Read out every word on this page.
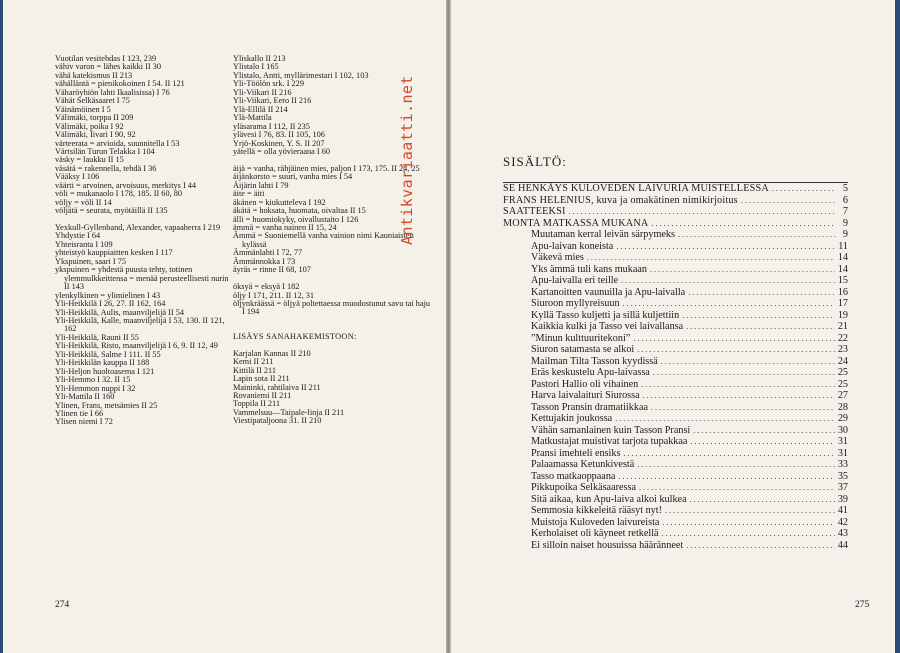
Vuotilan vesitehdas I 123, 239
vähiv varon = lähes kaikki II 30
vähä katekismus II 213
vähälläntä = pienikokoinen I 54. II 121
Väharöyhiön lahti Ikaalisissa) I 76
Vähät Selkäsaaret I 75
Väinämöinen I 5
Välimäki, torppa II 209
Välimäki, poika I 92
Välimäki, Iivari I 90, 92
värteerata = arvioida, suunnitella I 53
Värtsilän Turun Telakka I 104
väsky = laukku II 15
väsätä = rakennella, tehdä I 36
Vääksy I 106
väärti = arvoinen, arvoisuus, merkitys I 44
völi = mukanaolo I 178, 185. II 60, 80
völjy = völi II 14
völjätä = seurata, myötäillä II 135
Yexkull-Gyllenband, Alexander, vapaaherra I 219
Yhdystie I 64
Yhteisranta I 109
yhteistyö kauppiaitten kesken I 117
Ykspuinen, saari I 75
ykspuinen = yhdestä puusta tehty, totinen ylemmulkkeittensa = menää perusteellisesti nurin II 143
ylenkylkinen = ylimielinen I 43
Yli-Heikkilä I 26, 27. II 162, 164
Yli-Heikkilä, Aulis, maanviljelijä II 54
Yli-Heikkilä, Kalle, maanviljelijä I 53, 130. II 121, 162
Yli-Heikkilä, Rauni II 55
Yli-Heikkilä, Risto, maanviljelijä I 6, 9. II 12, 49
Yli-Heikkilä, Salme I 111. II 55
Yli-Heikkilän kauppa II 188
Yli-Heljon huoltoasema I 121
Yli-Hemmo I 32. II 15
Yli-Hemmon nuppi I 32
Yli-Mattila II 160
Ylinen, Frans, metsämies II 25
Ylinen tie I 66
Ylisen niemi I 72
Yliskallo II 213
Ylistalo I 165
Ylistalo, Antti, myllärimestari I 102, 103
Yli-Töölön srk. I 229
Yli-Viikari II 216
Yli-Viikari, Eero II 216
Ylä-Ellilä II 214
Ylä-Mattila
yläsarama I 112, II 235
ylävesi I 76, 83. II 105, 106
Yrjö-Koskinen, Y. S. II 207
yätellä = olla yövieraana I 60
äijä = vanha, rähjäinen mies, paljon I 173, 175. II 24, 25
äijänkorsto = suuri, vanha mies I 54
Äijärin lahti I 79
äite = äiti
äkänen = kiukutteleva I 192
äkätä = hoksata, huomata, oivaltaa II 15
älli = huomiokyky, oivallustaito I 126
ämmä = vanha nainen II 15, 24
Ämmä = Suoniemellä vanha vainion nimi Kauniaisten kylässä
Ämmänlahti I 72, 77
Ämmännokka I 73
äyräs = rinne II 68, 107
öksyä = eksyä I 182
öljy I 171, 211. II 12, 31
öljynkräässä = öljyä poltettaessa muodostunut savu tai haju I 194
LISÄYS SANAHAKEMISTOON:
Karjalan Kannas II 210
Kemi II 211
Kittilä II 211
Lapin sota II 211
Maininki, rahtilaiva II 211
Rovaniemi II 211
Toppila II 211
Vammelsuu—Taipale-linja II 211
Viestipataljoona 31. II 210
Antikvariaatti.net
274
SISÄLTÖ:
SE HENKÄYS KULOVEDEN LAIVURIA MUISTELLESSA .....	5
FRANS HELENIUS, kuva ja omakätinen nimikirjoitus .....	6
SAATTEEKSI .....	7
MONTA MATKASSA MUKANA .....	9
Muutaman kerral leivän särpymeks .....	9
Apu-laivan koneista .....	11
Väkevä mies .....	14
Yks ämmä tuli kans mukaan .....	14
Apu-laivalla eri teille .....	15
Kartanoitten vaunuilla ja Apu-laivalla .....	16
Siuroon myllyreisuun .....	17
Kyllä Tasso kuljetti ja sillä kuljettiin .....	19
Kaikkia kulki ja Tasso vei laivallansa .....	21
”Minun kulttuuritekoni” .....	22
Siuron satamasta se alkoi .....	23
Mailman Tilta Tasson kyydissä .....	24
Eräs keskustelu Apu-laivassa .....	25
Pastori Hallio oli vihainen .....	25
Harva laivalaituri Siurossa .....	27
Tasson Pransin dramatiikkaa .....	28
Kettujakin joukossa .....	29
Vähän samanlainen kuin Tasson Pransi .....	30
Matkustajat muistivat tarjota tupakkaa .....	31
Pransi imehteli ensiks .....	31
Palaamassa Ketunkivestä .....	33
Tasso matkaoppaana .....	35
Pikkupoika Selkäsaaressa .....	37
Sitä aikaa, kun Apu-laiva alkoi kulkea .....	39
Semmosia kikkeleitä rääsyt nyt! .....	41
Muistoja Kuloveden laivureista .....	42
Kerholaiset oli käyneet retkellä .....	43
Ei silloin naiset housuissa hääränneet .....	44
275
